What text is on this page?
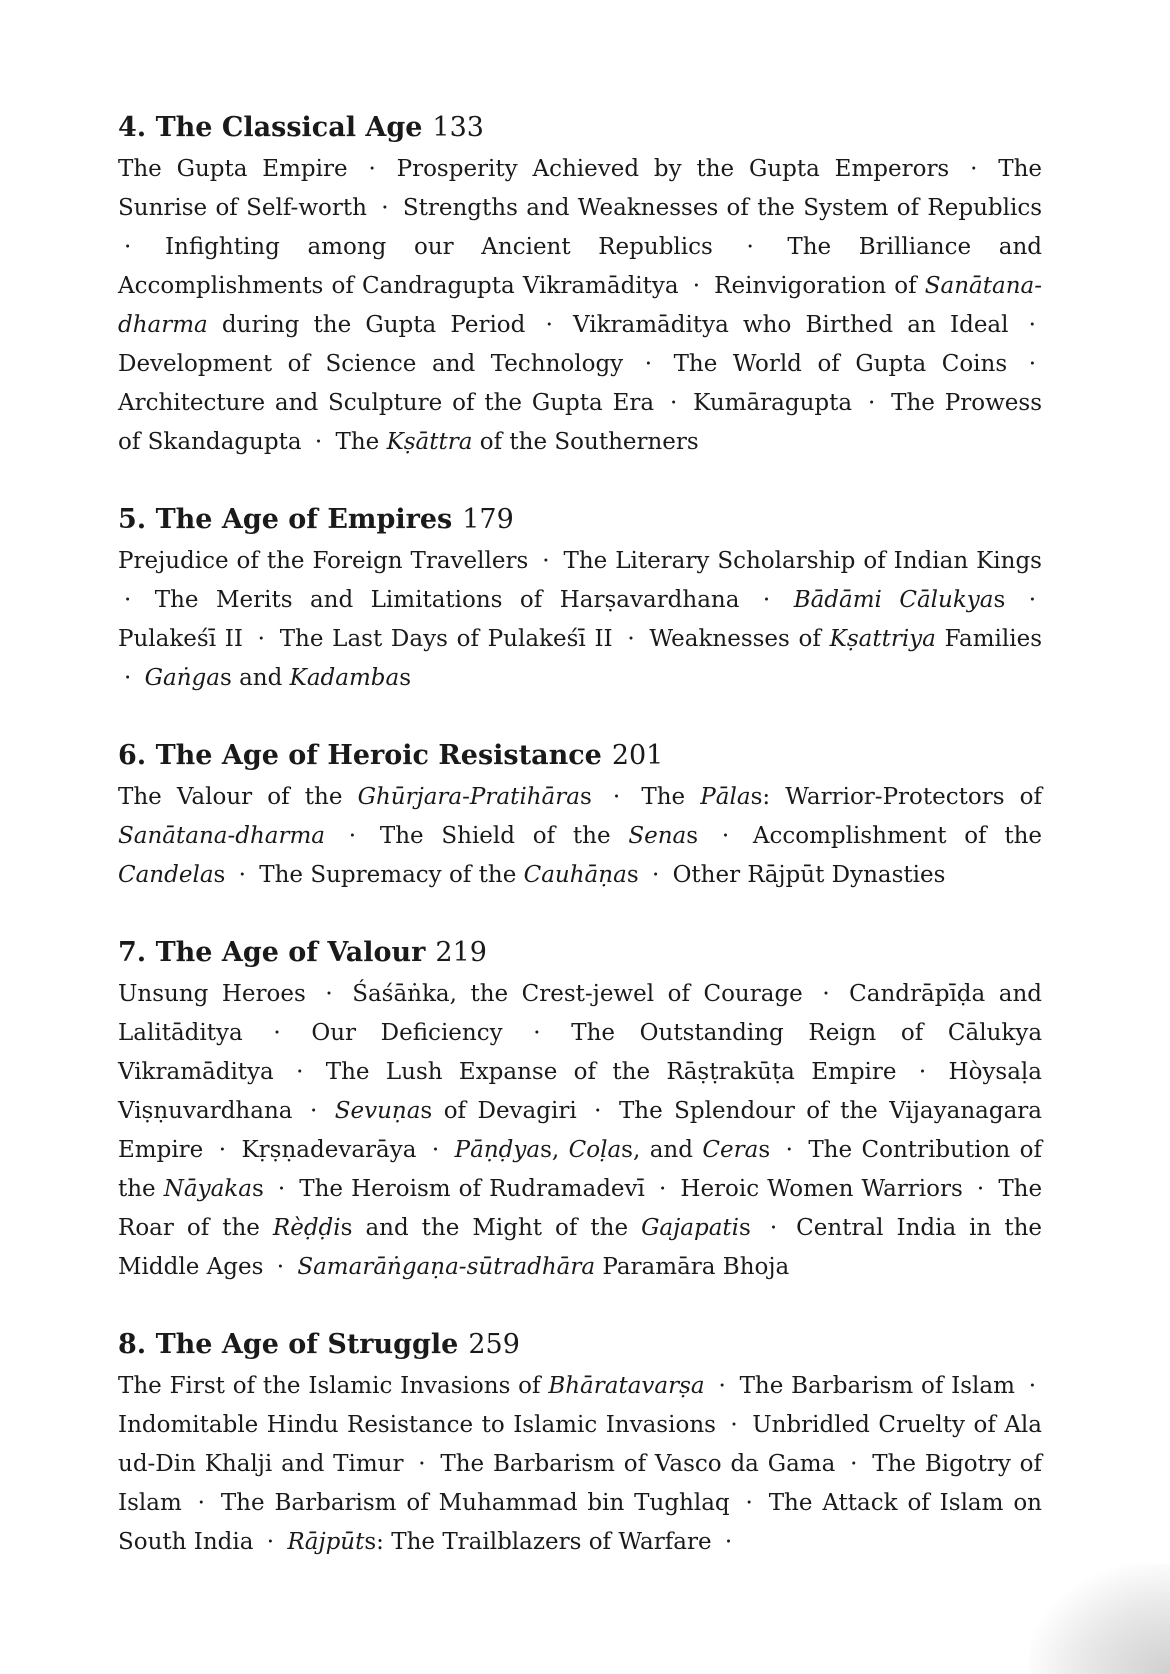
4. The Classical Age 133

The Gupta Empire · Prosperity Achieved by the Gupta Emperors · The Sunrise of Self-worth · Strengths and Weaknesses of the System of Republics · Infighting among our Ancient Republics · The Brilliance and Accomplishments of Candragupta Vikramāditya · Reinvigoration of Sanātana-dharma during the Gupta Period · Vikramāditya who Birthed an Ideal · Development of Science and Technology · The World of Gupta Coins · Architecture and Sculpture of the Gupta Era · Kumāragupta · The Prowess of Skandagupta · The Kṣāttra of the Southerners

5. The Age of Empires 179

Prejudice of the Foreign Travellers · The Literary Scholarship of Indian Kings · The Merits and Limitations of Harṣavardhana · Bādāmi Cālukyas · Pulakeśī II · The Last Days of Pulakeśī II · Weaknesses of Kṣattriya Families · Gaṅgas and Kadambas

6. The Age of Heroic Resistance 201

The Valour of the Ghūrjara-Pratihāras · The Pālas: Warrior-Protectors of Sanātana-dharma · The Shield of the Senas · Accomplishment of the Candelas · The Supremacy of the Cauhāṇas · Other Rājpūt Dynasties

7. The Age of Valour 219

Unsung Heroes · Śaśāṅka, the Crest-jewel of Courage · Candrāpīḍa and Lalitāditya · Our Deficiency · The Outstanding Reign of Cālukya Vikramāditya · The Lush Expanse of the Rāṣṭrakūṭa Empire · Hòysaḷa Viṣṇuvardhana · Sevuṇas of Devagiri · The Splendour of the Vijayanagara Empire · Kṛṣṇadevarāya · Pāṇḍyas, Coḷas, and Ceras · The Contribution of the Nāyakas · The Heroism of Rudramadevī · Heroic Women Warriors · The Roar of the Rèḍḍis and the Might of the Gajapatis · Central India in the Middle Ages · Samarāṅgaṇa-sūtradhāra Paramāra Bhoja

8. The Age of Struggle 259

The First of the Islamic Invasions of Bhāratavarṣa · The Barbarism of Islam · Indomitable Hindu Resistance to Islamic Invasions · Unbridled Cruelty of Ala ud-Din Khalji and Timur · The Barbarism of Vasco da Gama · The Bigotry of Islam · The Barbarism of Muhammad bin Tughlaq · The Attack of Islam on South India · Rājpūts: The Trailblazers of Warfare ·
